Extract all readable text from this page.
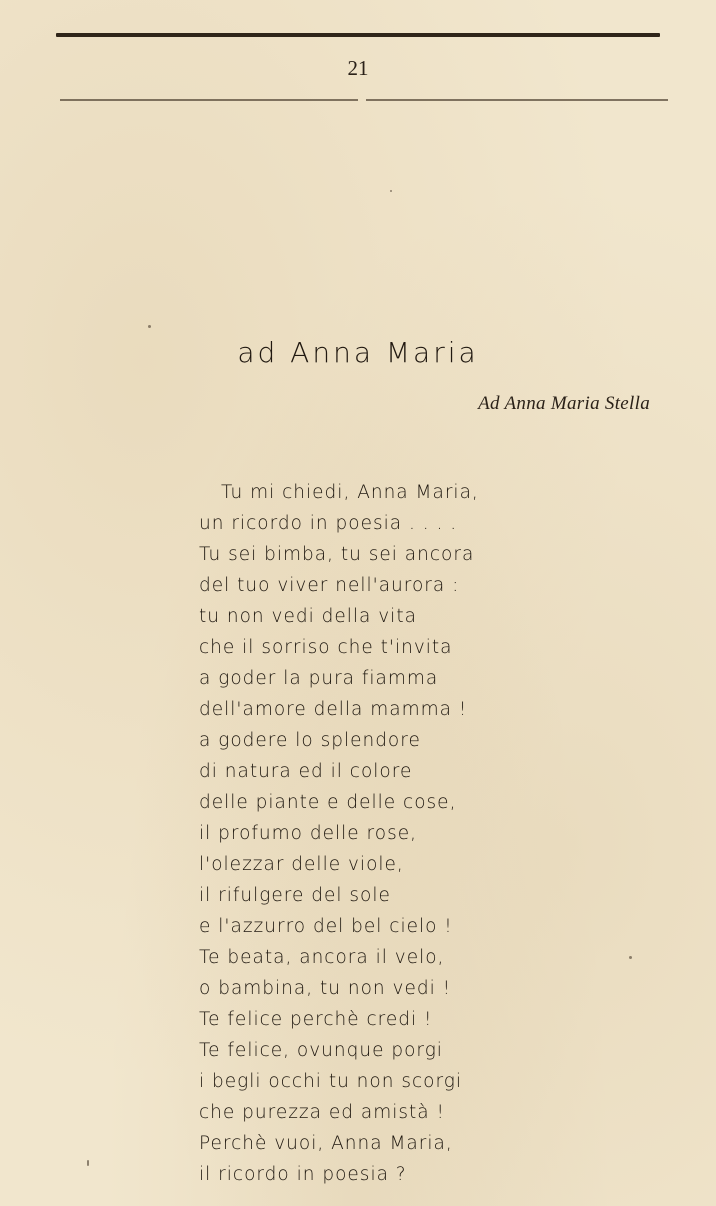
21
ad Anna Maria
Ad Anna Maria Stella
Tu mi chiedi, Anna Maria,
un ricordo in poesia . . . .
Tu sei bimba, tu sei ancora
del tuo viver nell'aurora :
tu non vedi della vita
che il sorriso che t'invita
a goder la pura fiamma
dell'amore della mamma !
a godere lo splendore
di natura ed il colore
delle piante e delle cose,
il profumo delle rose,
l'olezzar delle viole,
il rifulgere del sole
e l'azzurro del bel cielo !
Te beata, ancora il velo,
o bambina, tu non vedi !
Te felice perchè credi !
Te felice, ovunque porgi
i begli occhi tu non scorgi
che purezza ed amistà !
Perchè vuoi, Anna Maria,
il ricordo in poesia ?
